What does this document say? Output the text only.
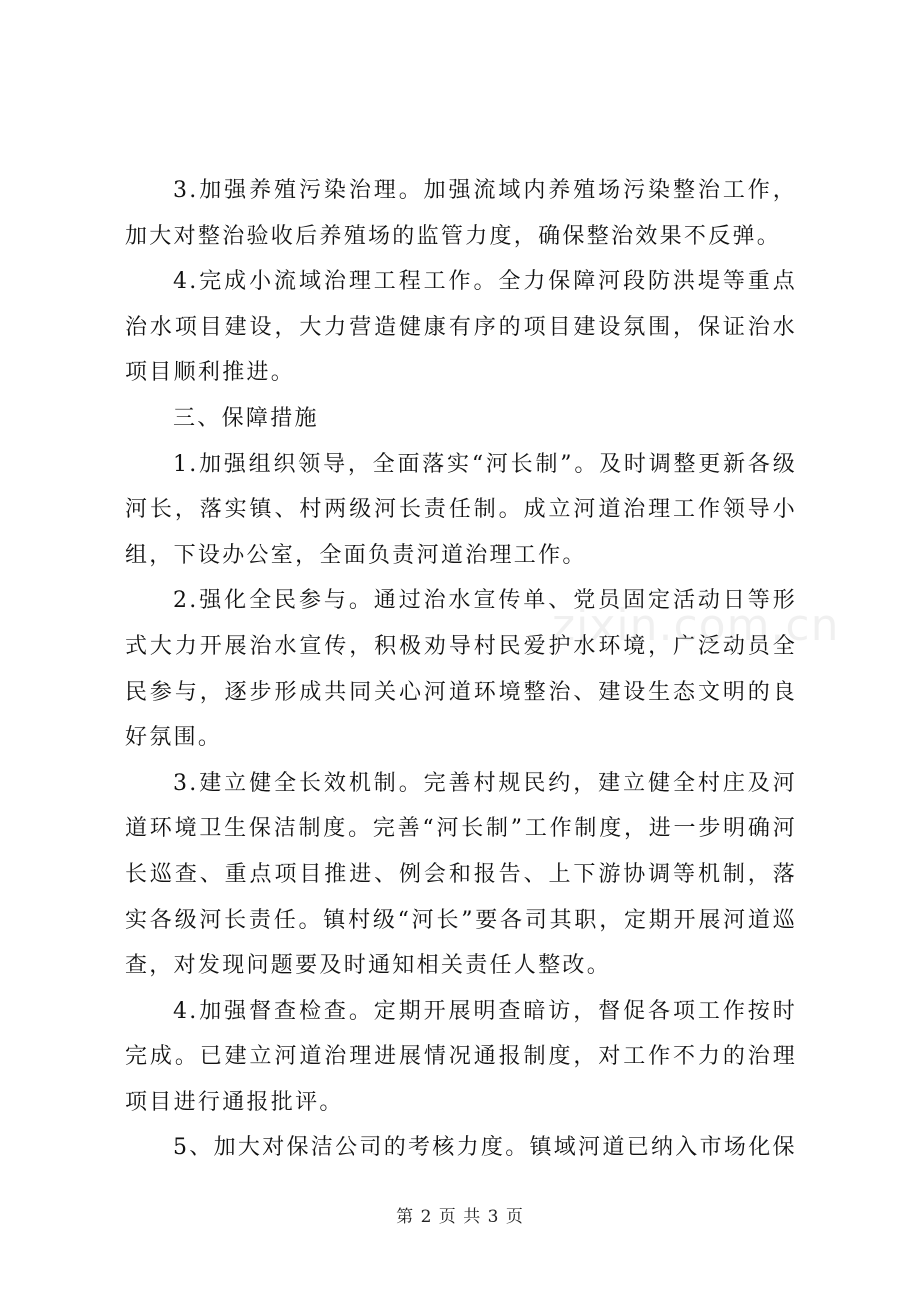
3.加强养殖污染治理。加强流域内养殖场污染整治工作，加大对整治验收后养殖场的监管力度，确保整治效果不反弹。

4.完成小流域治理工程工作。全力保障河段防洪堤等重点治水项目建设，大力营造健康有序的项目建设氛围，保证治水项目顺利推进。

三、保障措施

1.加强组织领导，全面落实“河长制”。及时调整更新各级河长，落实镇、村两级河长责任制。成立河道治理工作领导小组，下设办公室，全面负责河道治理工作。

2.强化全民参与。通过治水宣传单、党员固定活动日等形式大力开展治水宣传，积极劝导村民爱护水环境，广泛动员全民参与，逐步形成共同关心河道环境整治、建设生态文明的良好氛围。

3.建立健全长效机制。完善村规民约，建立健全村庄及河道环境卫生保洁制度。完善“河长制”工作制度，进一步明确河长巡查、重点项目推进、例会和报告、上下游协调等机制，落实各级河长责任。镇村级“河长”要各司其职，定期开展河道巡查，对发现问题要及时通知相关责任人整改。

4.加强督查检查。定期开展明查暗访，督促各项工作按时完成。已建立河道治理进展情况通报制度，对工作不力的治理项目进行通报批评。

5、加大对保洁公司的考核力度。镇域河道已纳入市场化保

zixin.com.cn
第 2 页 共 3 页
